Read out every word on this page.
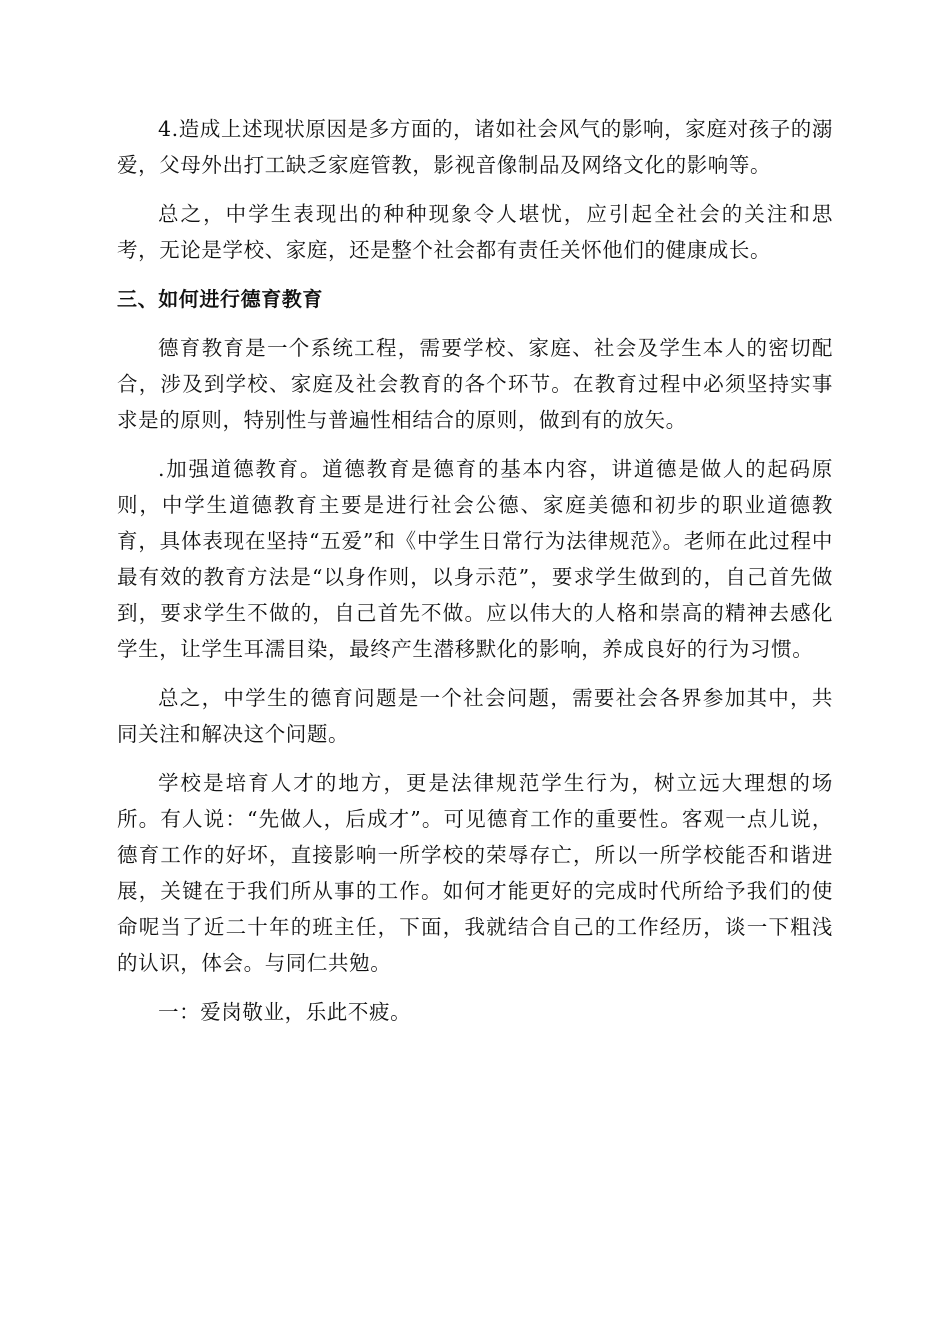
4.造成上述现状原因是多方面的，诸如社会风气的影响，家庭对孩子的溺爱，父母外出打工缺乏家庭管教，影视音像制品及网络文化的影响等。

总之，中学生表现出的种种现象令人堪忧，应引起全社会的关注和思考，无论是学校、家庭，还是整个社会都有责任关怀他们的健康成长。

三、如何进行德育教育

德育教育是一个系统工程，需要学校、家庭、社会及学生本人的密切配合，涉及到学校、家庭及社会教育的各个环节。在教育过程中必须坚持实事求是的原则，特别性与普遍性相结合的原则，做到有的放矢。

.加强道德教育。道德教育是德育的基本内容，讲道德是做人的起码原则，中学生道德教育主要是进行社会公德、家庭美德和初步的职业道德教育，具体表现在坚持“五爱”和《中学生日常行为法律规范》。老师在此过程中最有效的教育方法是“以身作则，以身示范”，要求学生做到的，自己首先做到，要求学生不做的，自己首先不做。应以伟大的人格和崇高的精神去感化学生，让学生耳濡目染，最终产生潜移默化的影响，养成良好的行为习惯。

总之，中学生的德育问题是一个社会问题，需要社会各界参加其中，共同关注和解决这个问题。

学校是培育人才的地方，更是法律规范学生行为，树立远大理想的场所。有人说：“先做人，后成才”。可见德育工作的重要性。客观一点儿说，德育工作的好坏，直接影响一所学校的荣辱存亡，所以一所学校能否和谐进展，关键在于我们所从事的工作。如何才能更好的完成时代所给予我们的使命呢当了近二十年的班主任，下面，我就结合自己的工作经历，谈一下粗浅的认识，体会。与同仁共勉。

一：爱岗敬业，乐此不疲。
